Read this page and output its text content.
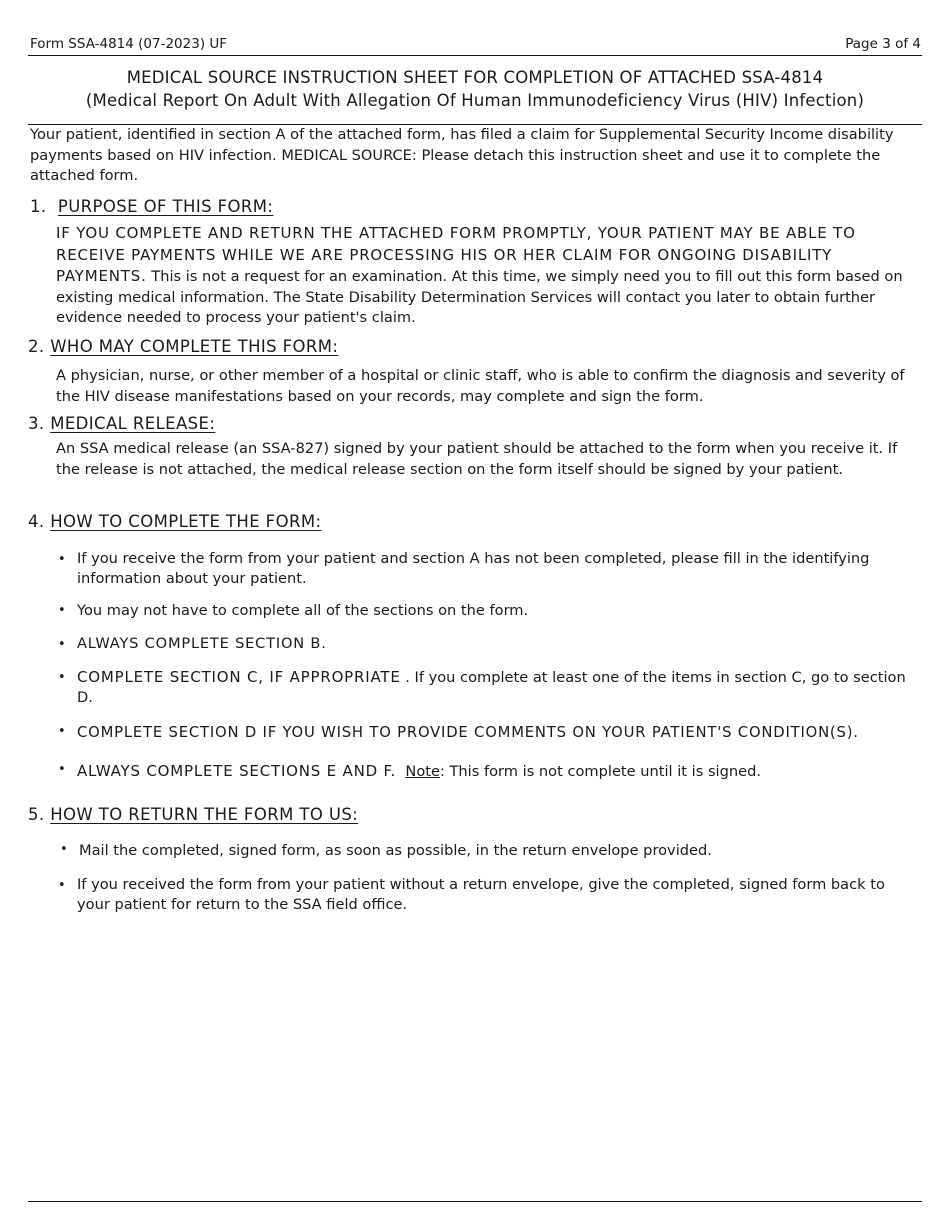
Form SSA-4814 (07-2023) UF	Page 3 of 4
MEDICAL SOURCE INSTRUCTION SHEET FOR COMPLETION OF ATTACHED SSA-4814
(Medical Report On Adult With Allegation Of Human Immunodeficiency Virus (HIV) Infection)
Your patient, identified in section A of the attached form, has filed a claim for Supplemental Security Income disability payments based on HIV infection. MEDICAL SOURCE: Please detach this instruction sheet and use it to complete the attached form.
1. PURPOSE OF THIS FORM:
IF YOU COMPLETE AND RETURN THE ATTACHED FORM PROMPTLY, YOUR PATIENT MAY BE ABLE TO RECEIVE PAYMENTS WHILE WE ARE PROCESSING HIS OR HER CLAIM FOR ONGOING DISABILITY PAYMENTS. This is not a request for an examination. At this time, we simply need you to fill out this form based on existing medical information. The State Disability Determination Services will contact you later to obtain further evidence needed to process your patient's claim.
2. WHO MAY COMPLETE THIS FORM:
A physician, nurse, or other member of a hospital or clinic staff, who is able to confirm the diagnosis and severity of the HIV disease manifestations based on your records, may complete and sign the form.
3. MEDICAL RELEASE:
An SSA medical release (an SSA-827) signed by your patient should be attached to the form when you receive it. If the release is not attached, the medical release section on the form itself should be signed by your patient.
4. HOW TO COMPLETE THE FORM:
• If you receive the form from your patient and section A has not been completed, please fill in the identifying information about your patient.
• You may not have to complete all of the sections on the form.
• ALWAYS COMPLETE SECTION B.
• COMPLETE SECTION C, IF APPROPRIATE . If you complete at least one of the items in section C, go to section D.
• COMPLETE SECTION D IF YOU WISH TO PROVIDE COMMENTS ON YOUR PATIENT'S CONDITION(S).
• ALWAYS COMPLETE SECTIONS E AND F. Note: This form is not complete until it is signed.
5. HOW TO RETURN THE FORM TO US:
• Mail the completed, signed form, as soon as possible, in the return envelope provided.
• If you received the form from your patient without a return envelope, give the completed, signed form back to your patient for return to the SSA field office.
